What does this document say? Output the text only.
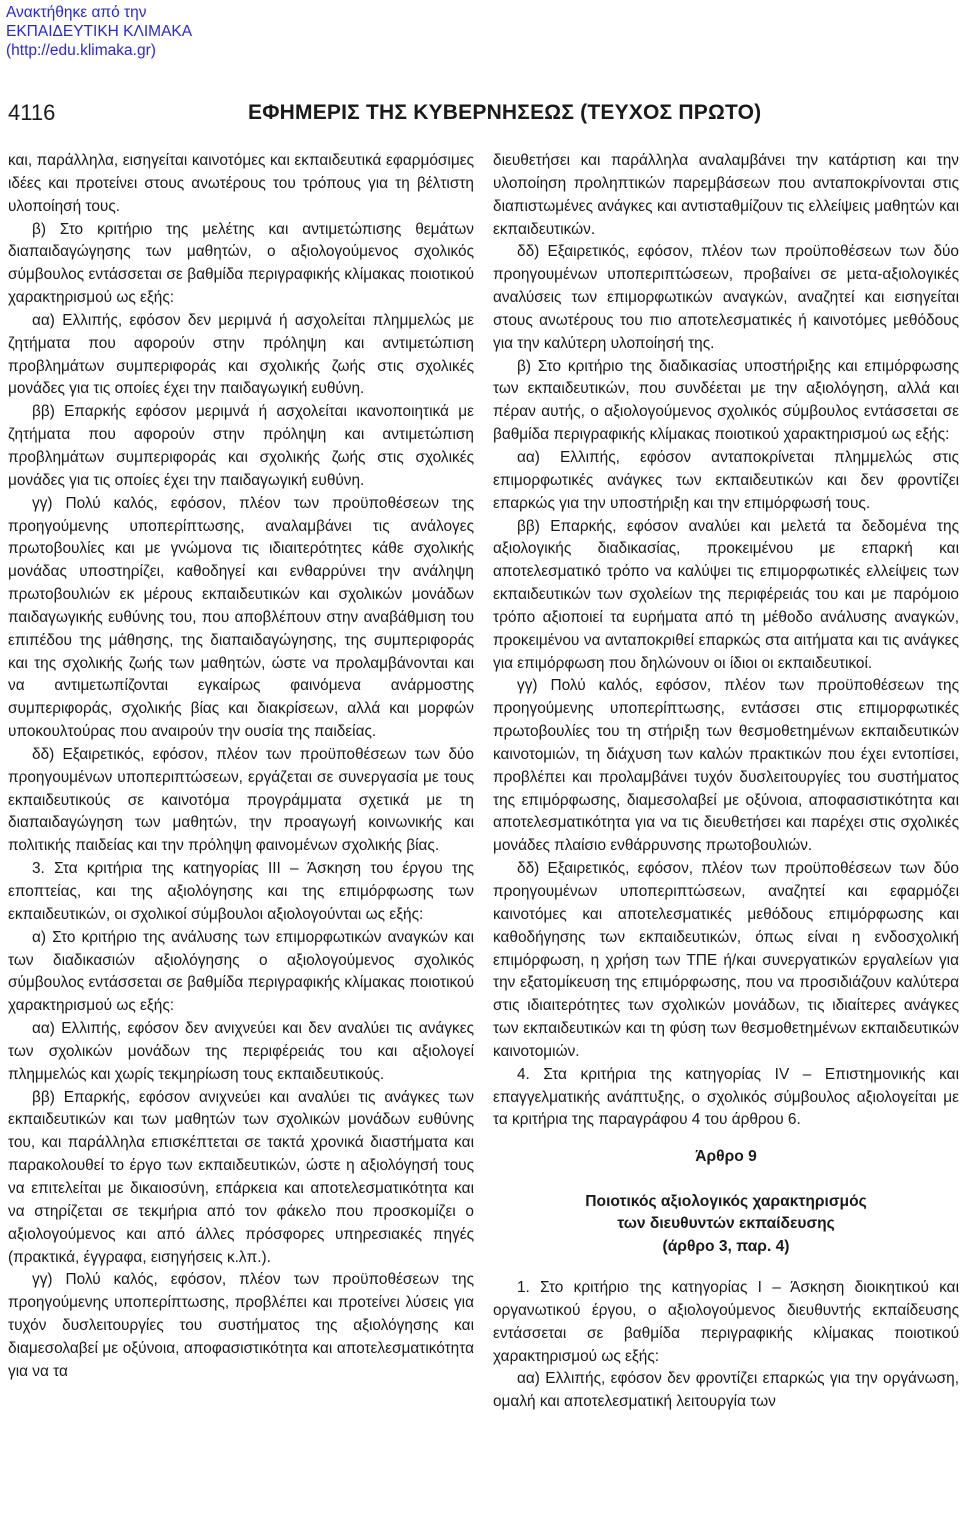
Ανακτήθηκε από την
ΕΚΠΑΙΔΕΥΤΙΚΗ ΚΛΙΜΑΚΑ
(http://edu.klimaka.gr)
4116	ΕΦΗΜΕΡΙΣ ΤΗΣ ΚΥΒΕΡΝΗΣΕΩΣ (ΤΕΥΧΟΣ ΠΡΩΤΟ)

και, παράλληλα, εισηγείται καινοτόμες και εκπαιδευτικά εφαρμόσιμες ιδέες και προτείνει στους ανωτέρους του τρόπους για τη βέλτιστη υλοποίησή τους.

β) Στο κριτήριο της μελέτης και αντιμετώπισης θεμάτων διαπαιδαγώγησης των μαθητών, ο αξιολογούμενος σχολικός σύμβουλος εντάσσεται σε βαθμίδα περιγραφικής κλίμακας ποιοτικού χαρακτηρισμού ως εξής:

αα) Ελλιπής, εφόσον δεν μεριμνά ή ασχολείται πλημμελώς με ζητήματα που αφορούν στην πρόληψη και αντιμετώπιση προβλημάτων συμπεριφοράς και σχολικής ζωής στις σχολικές μονάδες για τις οποίες έχει την παιδαγωγική ευθύνη.

ββ) Επαρκής εφόσον μεριμνά ή ασχολείται ικανοποιητικά με ζητήματα που αφορούν στην πρόληψη και αντιμετώπιση προβλημάτων συμπεριφοράς και σχολικής ζωής στις σχολικές μονάδες για τις οποίες έχει την παιδαγωγική ευθύνη.

γγ) Πολύ καλός, εφόσον, πλέον των προϋποθέσεων της προηγούμενης υποπερίπτωσης, αναλαμβάνει τις ανάλογες πρωτοβουλίες και με γνώμονα τις ιδιαιτερότητες κάθε σχολικής μονάδας υποστηρίζει, καθοδηγεί και ενθαρρύνει την ανάληψη πρωτοβουλιών εκ μέρους εκπαιδευτικών και σχολικών μονάδων παιδαγωγικής ευθύνης του, που αποβλέπουν στην αναβάθμιση του επιπέδου της μάθησης, της διαπαιδαγώγησης, της συμπεριφοράς και της σχολικής ζωής των μαθητών, ώστε να προλαμβάνονται και να αντιμετωπίζονται εγκαίρως φαινόμενα ανάρμοστης συμπεριφοράς, σχολικής βίας και διακρίσεων, αλλά και μορφών υποκουλτούρας που αναιρούν την ουσία της παιδείας.

δδ) Εξαιρετικός, εφόσον, πλέον των προϋποθέσεων των δύο προηγουμένων υποπεριπτώσεων, εργάζεται σε συνεργασία με τους εκπαιδευτικούς σε καινοτόμα προγράμματα σχετικά με τη διαπαιδαγώγηση των μαθητών, την προαγωγή κοινωνικής και πολιτικής παιδείας και την πρόληψη φαινομένων σχολικής βίας.

3. Στα κριτήρια της κατηγορίας ΙΙΙ – Άσκηση του έργου της εποπτείας, και της αξιολόγησης και της επιμόρφωσης των εκπαιδευτικών, οι σχολικοί σύμβουλοι αξιολογούνται ως εξής:

α) Στο κριτήριο της ανάλυσης των επιμορφωτικών αναγκών και των διαδικασιών αξιολόγησης ο αξιολογούμενος σχολικός σύμβουλος εντάσσεται σε βαθμίδα περιγραφικής κλίμακας ποιοτικού χαρακτηρισμού ως εξής:

αα) Ελλιπής, εφόσον δεν ανιχνεύει και δεν αναλύει τις ανάγκες των σχολικών μονάδων της περιφέρειάς του και αξιολογεί πλημμελώς και χωρίς τεκμηρίωση τους εκπαιδευτικούς.

ββ) Επαρκής, εφόσον ανιχνεύει και αναλύει τις ανάγκες των εκπαιδευτικών και των μαθητών των σχολικών μονάδων ευθύνης του, και παράλληλα επισκέπτεται σε τακτά χρονικά διαστήματα και παρακολουθεί το έργο των εκπαιδευτικών, ώστε η αξιολόγησή τους να επιτελείται με δικαιοσύνη, επάρκεια και αποτελεσματικότητα και να στηρίζεται σε τεκμήρια από τον φάκελο που προσκομίζει ο αξιολογούμενος και από άλλες πρόσφορες υπηρεσιακές πηγές (πρακτικά, έγγραφα, εισηγήσεις κ.λπ.).

γγ) Πολύ καλός, εφόσον, πλέον των προϋποθέσεων της προηγούμενης υποπερίπτωσης, προβλέπει και προτείνει λύσεις για τυχόν δυσλειτουργίες του συστήματος της αξιολόγησης και διαμεσολαβεί με οξύνοια, αποφασιστικότητα και αποτελεσματικότητα για να τα

διευθετήσει και παράλληλα αναλαμβάνει την κατάρτιση και την υλοποίηση προληπτικών παρεμβάσεων που ανταποκρίνονται στις διαπιστωμένες ανάγκες και αντισταθμίζουν τις ελλείψεις μαθητών και εκπαιδευτικών.

δδ) Εξαιρετικός, εφόσον, πλέον των προϋποθέσεων των δύο προηγουμένων υποπεριπτώσεων, προβαίνει σε μετα-αξιολογικές αναλύσεις των επιμορφωτικών αναγκών, αναζητεί και εισηγείται στους ανωτέρους του πιο αποτελεσματικές ή καινοτόμες μεθόδους για την καλύτερη υλοποίησή της.

β) Στο κριτήριο της διαδικασίας υποστήριξης και επιμόρφωσης των εκπαιδευτικών, που συνδέεται με την αξιολόγηση, αλλά και πέραν αυτής, ο αξιολογούμενος σχολικός σύμβουλος εντάσσεται σε βαθμίδα περιγραφικής κλίμακας ποιοτικού χαρακτηρισμού ως εξής:

αα) Ελλιπής, εφόσον ανταποκρίνεται πλημμελώς στις επιμορφωτικές ανάγκες των εκπαιδευτικών και δεν φροντίζει επαρκώς για την υποστήριξη και την επιμόρφωσή τους.

ββ) Επαρκής, εφόσον αναλύει και μελετά τα δεδομένα της αξιολογικής διαδικασίας, προκειμένου με επαρκή και αποτελεσματικό τρόπο να καλύψει τις επιμορφωτικές ελλείψεις των εκπαιδευτικών των σχολείων της περιφέρειάς του και με παρόμοιο τρόπο αξιοποιεί τα ευρήματα από τη μέθοδο ανάλυσης αναγκών, προκειμένου να ανταποκριθεί επαρκώς στα αιτήματα και τις ανάγκες για επιμόρφωση που δηλώνουν οι ίδιοι οι εκπαιδευτικοί.

γγ) Πολύ καλός, εφόσον, πλέον των προϋποθέσεων της προηγούμενης υποπερίπτωσης, εντάσσει στις επιμορφωτικές πρωτοβουλίες του τη στήριξη των θεσμοθετημένων εκπαιδευτικών καινοτομιών, τη διάχυση των καλών πρακτικών που έχει εντοπίσει, προβλέπει και προλαμβάνει τυχόν δυσλειτουργίες του συστήματος της επιμόρφωσης, διαμεσολαβεί με οξύνοια, αποφασιστικότητα και αποτελεσματικότητα για να τις διευθετήσει και παρέχει στις σχολικές μονάδες πλαίσιο ενθάρρυνσης πρωτοβουλιών.

δδ) Εξαιρετικός, εφόσον, πλέον των προϋποθέσεων των δύο προηγουμένων υποπεριπτώσεων, αναζητεί και εφαρμόζει καινοτόμες και αποτελεσματικές μεθόδους επιμόρφωσης και καθοδήγησης των εκπαιδευτικών, όπως είναι η ενδοσχολική επιμόρφωση, η χρήση των ΤΠΕ ή/και συνεργατικών εργαλείων για την εξατομίκευση της επιμόρφωσης, που να προσιδιάζουν καλύτερα στις ιδιαιτερότητες των σχολικών μονάδων, τις ιδιαίτερες ανάγκες των εκπαιδευτικών και τη φύση των θεσμοθετημένων εκπαιδευτικών καινοτομιών.

4. Στα κριτήρια της κατηγορίας ΙV – Επιστημονικής και επαγγελματικής ανάπτυξης, ο σχολικός σύμβουλος αξιολογείται με τα κριτήρια της παραγράφου 4 του άρθρου 6.

Άρθρο 9

Ποιοτικός αξιολογικός χαρακτηρισμός

των διευθυντών εκπαίδευσης

(άρθρο 3, παρ. 4)

1. Στο κριτήριο της κατηγορίας Ι – Άσκηση διοικητικού και οργανωτικού έργου, ο αξιολογούμενος διευθυντής εκπαίδευσης εντάσσεται σε βαθμίδα περιγραφικής κλίμακας ποιοτικού χαρακτηρισμού ως εξής:

αα) Ελλιπής, εφόσον δεν φροντίζει επαρκώς για την οργάνωση, ομαλή και αποτελεσματική λειτουργία των
